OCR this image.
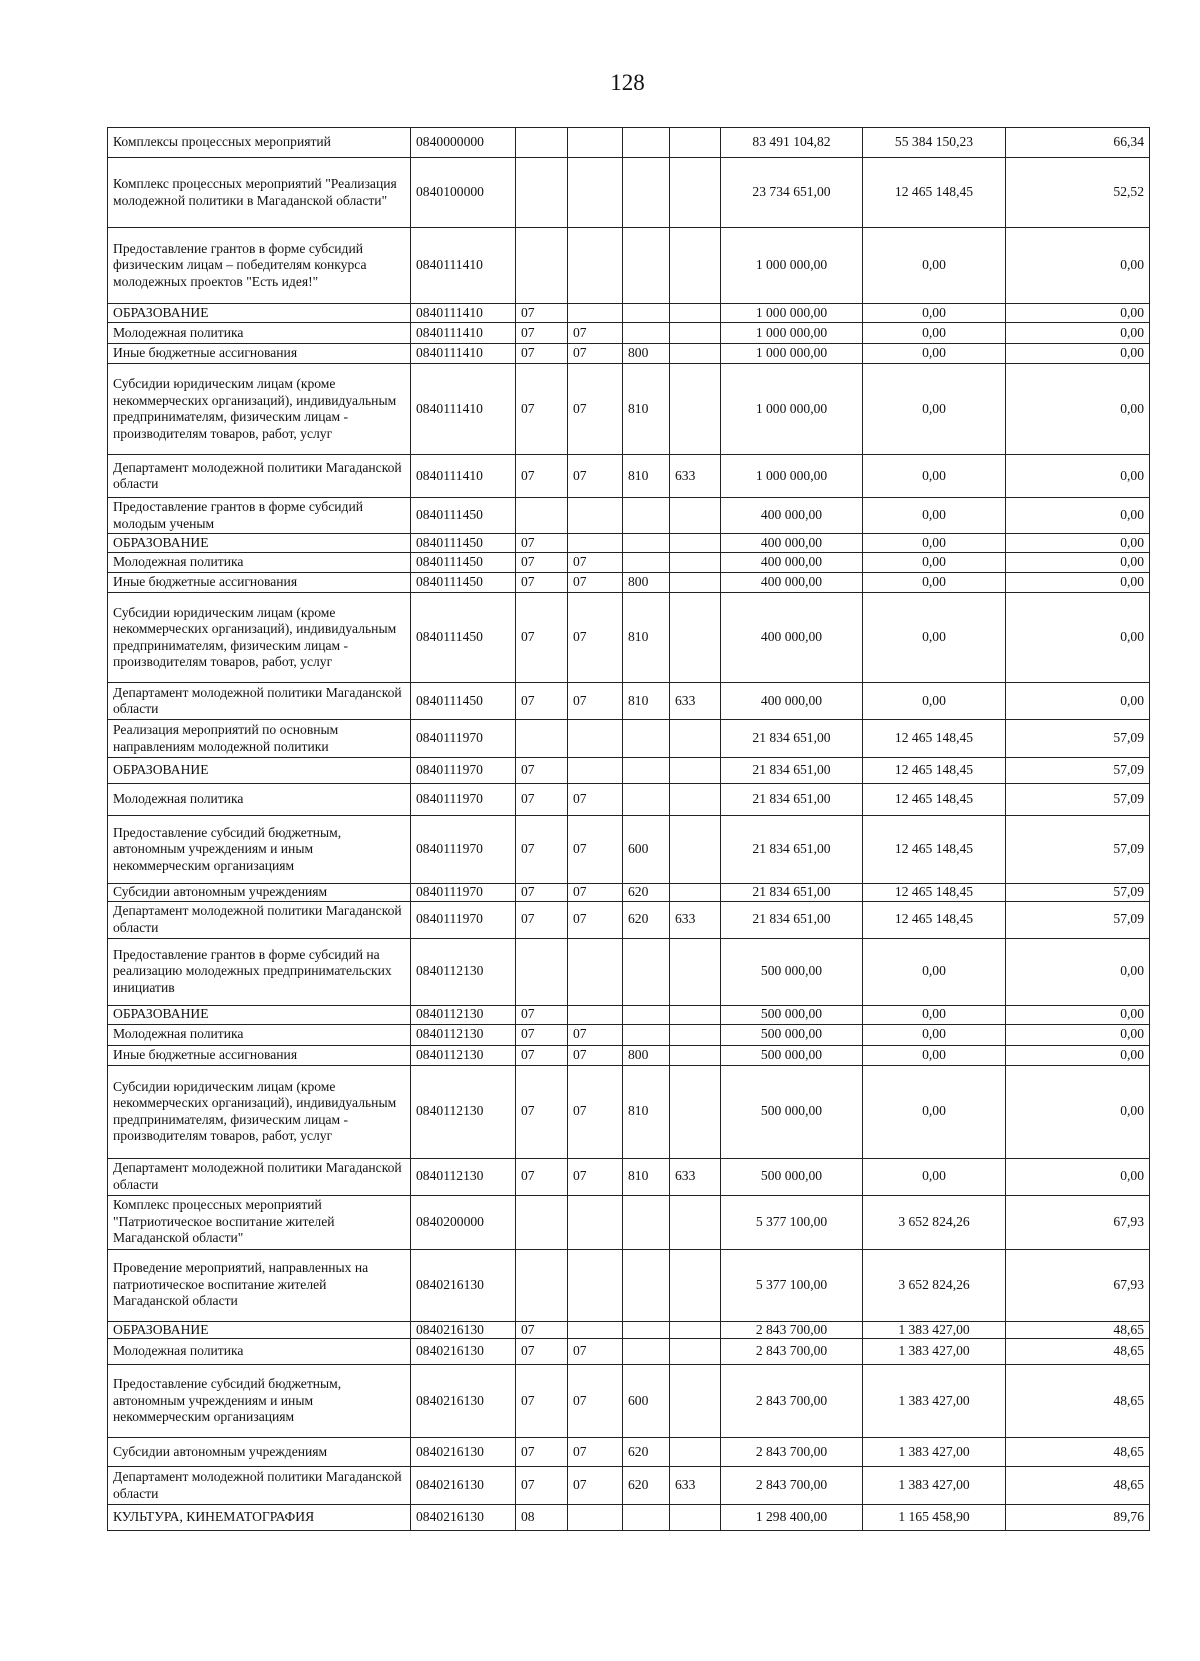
128
Комплексы процессных мероприятий	0840000000					83 491 104,82	55 384 150,23	66,34
Комплекс процессных мероприятий "Реализация молодежной политики в Магаданской области"	0840100000					23 734 651,00	12 465 148,45	52,52
Предоставление грантов в форме субсидий физическим лицам – победителям конкурса молодежных проектов "Есть идея!"	0840111410					1 000 000,00	0,00	0,00
ОБРАЗОВАНИЕ	0840111410	07				1 000 000,00	0,00	0,00
Молодежная политика	0840111410	07	07			1 000 000,00	0,00	0,00
Иные бюджетные ассигнования	0840111410	07	07	800		1 000 000,00	0,00	0,00
Субсидии юридическим лицам (кроме некоммерческих организаций), индивидуальным предпринимателям, физическим лицам - производителям товаров, работ, услуг	0840111410	07	07	810		1 000 000,00	0,00	0,00
Департамент молодежной политики Магаданской области	0840111410	07	07	810	633	1 000 000,00	0,00	0,00
Предоставление грантов в форме субсидий молодым ученым	0840111450					400 000,00	0,00	0,00
ОБРАЗОВАНИЕ	0840111450	07				400 000,00	0,00	0,00
Молодежная политика	0840111450	07	07			400 000,00	0,00	0,00
Иные бюджетные ассигнования	0840111450	07	07	800		400 000,00	0,00	0,00
Субсидии юридическим лицам (кроме некоммерческих организаций), индивидуальным предпринимателям, физическим лицам - производителям товаров, работ, услуг	0840111450	07	07	810		400 000,00	0,00	0,00
Департамент молодежной политики Магаданской области	0840111450	07	07	810	633	400 000,00	0,00	0,00
Реализация мероприятий по основным направлениям молодежной политики	0840111970					21 834 651,00	12 465 148,45	57,09
ОБРАЗОВАНИЕ	0840111970	07				21 834 651,00	12 465 148,45	57,09
Молодежная политика	0840111970	07	07			21 834 651,00	12 465 148,45	57,09
Предоставление субсидий бюджетным, автономным учреждениям и иным некоммерческим организациям	0840111970	07	07	600		21 834 651,00	12 465 148,45	57,09
Субсидии автономным учреждениям	0840111970	07	07	620		21 834 651,00	12 465 148,45	57,09
Департамент молодежной политики Магаданской области	0840111970	07	07	620	633	21 834 651,00	12 465 148,45	57,09
Предоставление грантов в форме субсидий на реализацию молодежных предпринимательских инициатив	0840112130					500 000,00	0,00	0,00
ОБРАЗОВАНИЕ	0840112130	07				500 000,00	0,00	0,00
Молодежная политика	0840112130	07	07			500 000,00	0,00	0,00
Иные бюджетные ассигнования	0840112130	07	07	800		500 000,00	0,00	0,00
Субсидии юридическим лицам (кроме некоммерческих организаций), индивидуальным предпринимателям, физическим лицам - производителям товаров, работ, услуг	0840112130	07	07	810		500 000,00	0,00	0,00
Департамент молодежной политики Магаданской области	0840112130	07	07	810	633	500 000,00	0,00	0,00
Комплекс процессных мероприятий "Патриотическое воспитание жителей Магаданской области"	0840200000					5 377 100,00	3 652 824,26	67,93
Проведение мероприятий, направленных на патриотическое воспитание жителей Магаданской области	0840216130					5 377 100,00	3 652 824,26	67,93
ОБРАЗОВАНИЕ	0840216130	07				2 843 700,00	1 383 427,00	48,65
Молодежная политика	0840216130	07	07			2 843 700,00	1 383 427,00	48,65
Предоставление субсидий бюджетным, автономным учреждениям и иным некоммерческим организациям	0840216130	07	07	600		2 843 700,00	1 383 427,00	48,65
Субсидии автономным учреждениям	0840216130	07	07	620		2 843 700,00	1 383 427,00	48,65
Департамент молодежной политики Магаданской области	0840216130	07	07	620	633	2 843 700,00	1 383 427,00	48,65
КУЛЬТУРА, КИНЕМАТОГРАФИЯ	0840216130	08				1 298 400,00	1 165 458,90	89,76
